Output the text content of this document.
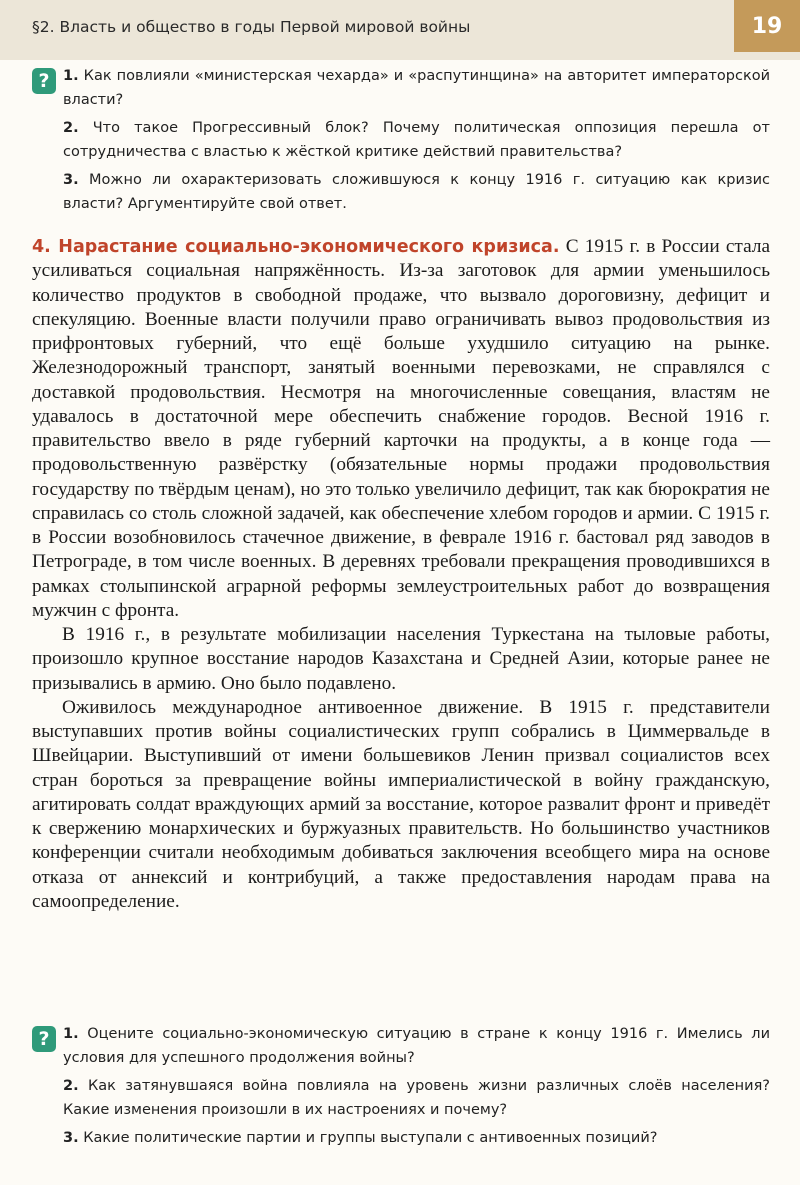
§2. Власть и общество в годы Первой мировой войны	19
? 1. Как повлияли «министерская чехарда» и «распутинщина» на авторитет императорской власти?
2. Что такое Прогрессивный блок? Почему политическая оппозиция перешла от сотрудничества с властью к жёсткой критике действий правительства?
3. Можно ли охарактеризовать сложившуюся к концу 1916 г. ситуацию как кризис власти? Аргументируйте свой ответ.

4. Нарастание социально-экономического кризиса. С 1915 г. в России стала усиливаться социальная напряжённость. Из-за заготовок для армии уменьшилось количество продуктов в свободной продаже, что вызвало дороговизну, дефицит и спекуляцию. Военные власти получили право ограничивать вывоз продовольствия из прифронтовых губерний, что ещё больше ухудшило ситуацию на рынке. Железнодорожный транспорт, занятый военными перевозками, не справлялся с доставкой продовольствия. Несмотря на многочисленные совещания, властям не удавалось в достаточной мере обеспечить снабжение городов. Весной 1916 г. правительство ввело в ряде губерний карточки на продукты, а в конце года — продовольственную развёрстку (обязательные нормы продажи продовольствия государству по твёрдым ценам), но это только увеличило дефицит, так как бюрократия не справилась со столь сложной задачей, как обеспечение хлебом городов и армии. С 1915 г. в России возобновилось стачечное движение, в феврале 1916 г. бастовал ряд заводов в Петрограде, в том числе военных. В деревнях требовали прекращения проводившихся в рамках столыпинской аграрной реформы землеустроительных работ до возвращения мужчин с фронта.

В 1916 г., в результате мобилизации населения Туркестана на тыловые работы, произошло крупное восстание народов Казахстана и Средней Азии, которые ранее не призывались в армию. Оно было подавлено.

Оживилось международное антивоенное движение. В 1915 г. представители выступавших против войны социалистических групп собрались в Циммервальде в Швейцарии. Выступивший от имени большевиков Ленин призвал социалистов всех стран бороться за превращение войны империалистической в войну гражданскую, агитировать солдат враждующих армий за восстание, которое развалит фронт и приведёт к свержению монархических и буржуазных правительств. Но большинство участников конференции считали необходимым добиваться заключения всеобщего мира на основе отказа от аннексий и контрибуций, а также предоставления народам права на самоопределение.

? 1. Оцените социально-экономическую ситуацию в стране к концу 1916 г. Имелись ли условия для успешного продолжения войны?
2. Как затянувшаяся война повлияла на уровень жизни различных слоёв населения? Какие изменения произошли в их настроениях и почему?
3. Какие политические партии и группы выступали с антивоенных позиций?
